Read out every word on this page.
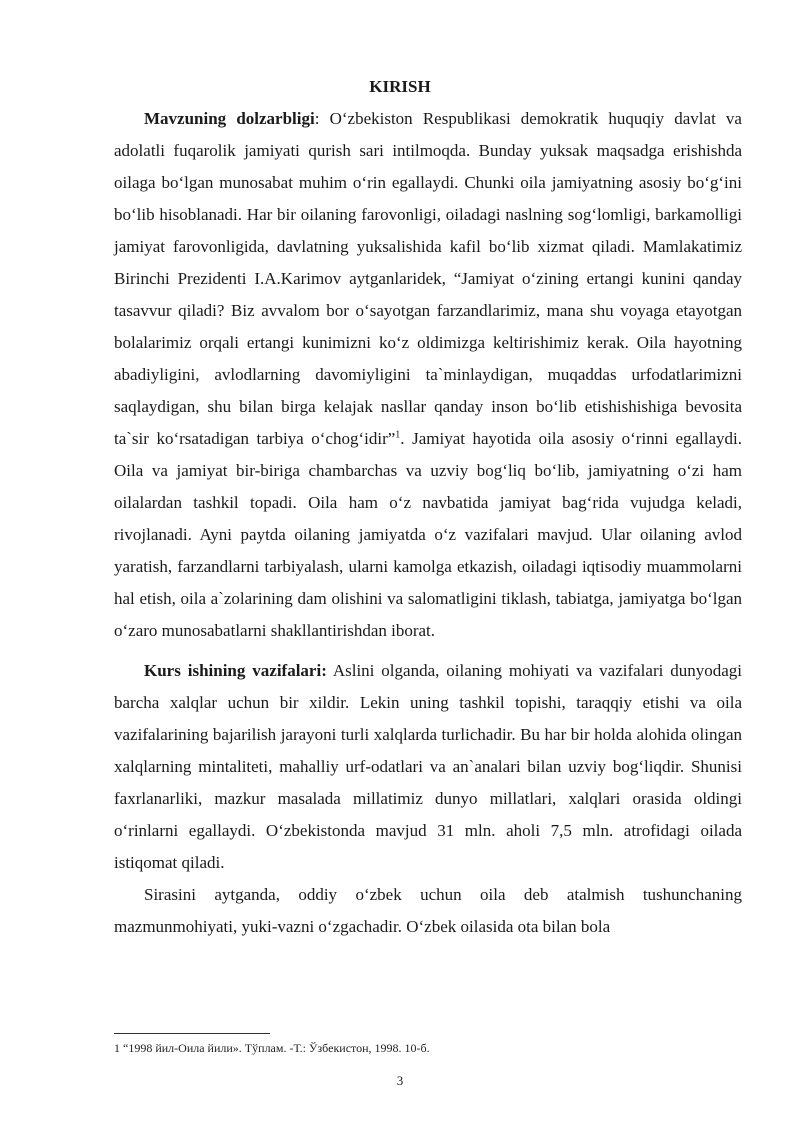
KIRISH

Mavzuning dolzarbligi: O‘zbekiston Respublikasi demokratik huquqiy davlat va adolatli fuqarolik jamiyati qurish sari intilmoqda. Bunday yuksak maqsadga erishishda oilaga bo‘lgan munosabat muhim o‘rin egallaydi. Chunki oila jamiyatning asosiy bo‘g‘ini bo‘lib hisoblanadi. Har bir oilaning farovonligi, oiladagi naslning sog‘lomligi, barkamolligi jamiyat farovonligida, davlatning yuksalishida kafil bo‘lib xizmat qiladi. Mamlakatimiz Birinchi Prezidenti I.A.Karimov aytganlaridek, “Jamiyat o‘zining ertangi kunini qanday tasavvur qiladi? Biz avvalom bor o‘sayotgan farzandlarimiz, mana shu voyaga etayotgan bolalarimiz orqali ertangi kunimizni ko‘z oldimizga keltirishimiz kerak. Oila hayotning abadiyligini, avlodlarning davomiyligini ta`minlaydigan, muqaddas urfodatlarimizni saqlaydigan, shu bilan birga kelajak nasllar qanday inson bo‘lib etishishishiga bevosita ta`sir ko‘rsatadigan tarbiya o‘chog‘idir”$^1$. Jamiyat hayotida oila asosiy o‘rinni egallaydi. Oila va jamiyat bir-biriga chambarchas va uzviy bog‘liq bo‘lib, jamiyatning o‘zi ham oilalardan tashkil topadi. Oila ham o‘z navbatida jamiyat bag‘rida vujudga keladi, rivojlanadi. Ayni paytda oilaning jamiyatda o‘z vazifalari mavjud. Ular oilaning avlod yaratish, farzandlarni tarbiyalash, ularni kamolga etkazish, oiladagi iqtisodiy muammolarni hal etish, oila a`zolarining dam olishini va salomatligini tiklash, tabiatga, jamiyatga bo‘lgan o‘zaro munosabatlarni shakllantirishdan iborat.

Kurs ishining vazifalari: Aslini olganda, oilaning mohiyati va vazifalari dunyodagi barcha xalqlar uchun bir xildir. Lekin uning tashkil topishi, taraqqiy etishi va oila vazifalarining bajarilish jarayoni turli xalqlarda turlichadir. Bu har bir holda alohida olingan xalqlarning mintaliteti, mahalliy urf-odatlari va an`analari bilan uzviy bog‘liqdir. Shunisi faxrlanarliki, mazkur masalada millatimiz dunyo millatlari, xalqlari orasida oldingi o‘rinlarni egallaydi. O‘zbekistonda mavjud 31 mln. aholi 7,5 mln. atrofidagi oilada istiqomat qiladi.

Sirasini aytganda, oddiy o‘zbek uchun oila deb atalmish tushunchaning mazmunmohiyati, yuki-vazni o‘zgachadir. O‘zbek oilasida ota bilan bola

1 “1998 йил-Оила йили». Тўплам. -Т.: Ўзбекистон, 1998. 10-б.
3
